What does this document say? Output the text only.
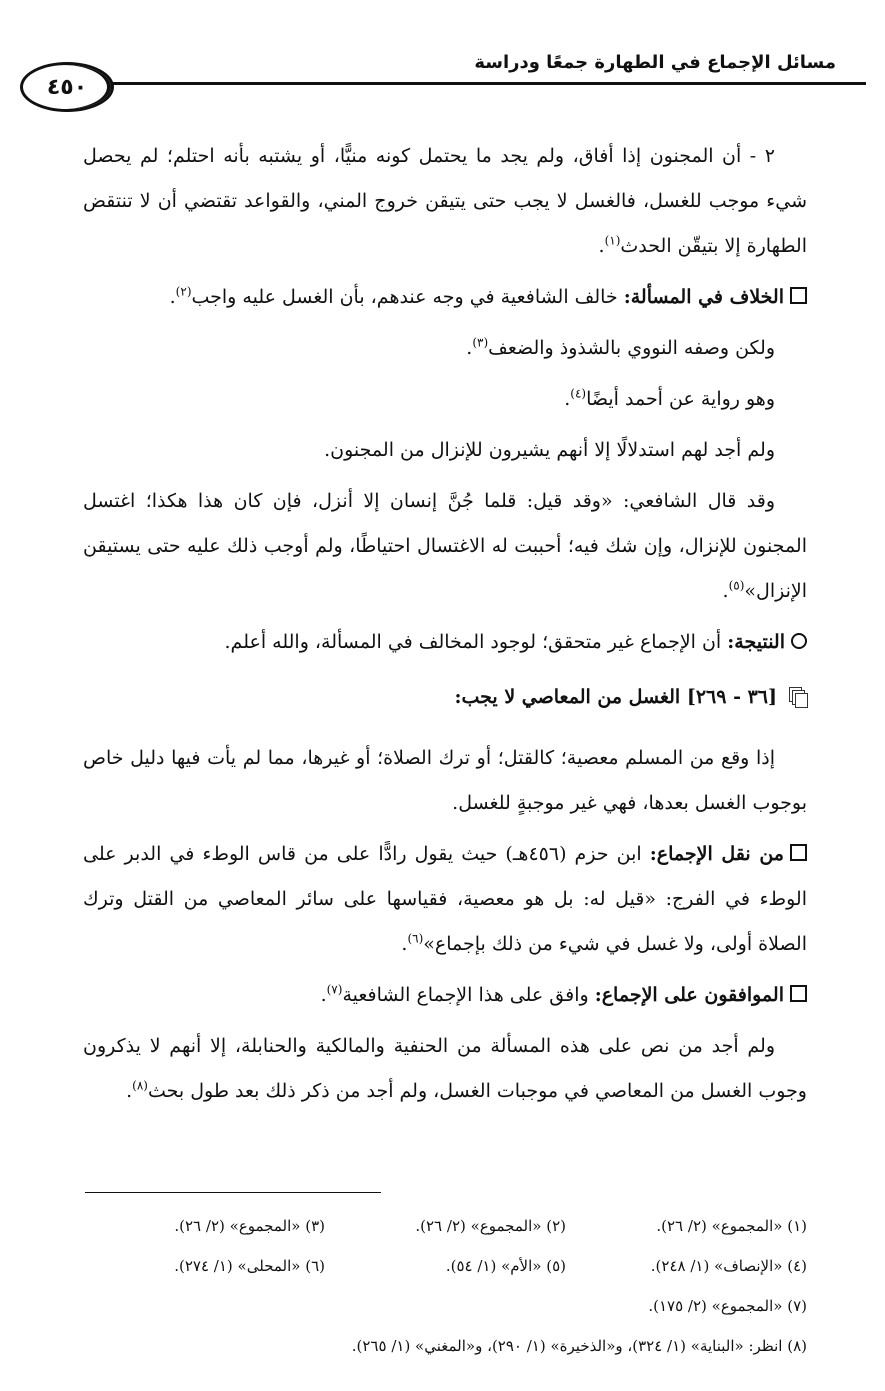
مسائل الإجماع في الطهارة جمعًا ودراسة
٤٥٠

٢ - أن المجنون إذا أفاق، ولم يجد ما يحتمل كونه منيًّا، أو يشتبه بأنه احتلم؛ لم يحصل شيء موجب للغسل، فالغسل لا يجب حتى يتيقن خروج المني، والقواعد تقتضي أن لا تنتقض الطهارة إلا بتيقّن الحدث$^{(١)}$.

الخلاف في المسألة: خالف الشافعية في وجه عندهم، بأن الغسل عليه واجب$^{(٢)}$.

ولكن وصفه النووي بالشذوذ والضعف$^{(٣)}$.

وهو رواية عن أحمد أيضًا$^{(٤)}$.

ولم أجد لهم استدلالًا إلا أنهم يشيرون للإنزال من المجنون.

وقد قال الشافعي: «وقد قيل: قلما جُنَّ إنسان إلا أنزل، فإن كان هذا هكذا؛ اغتسل المجنون للإنزال، وإن شك فيه؛ أحببت له الاغتسال احتياطًا، ولم أوجب ذلك عليه حتى يستيقن الإنزال»$^{(٥)}$.

النتيجة: أن الإجماع غير متحقق؛ لوجود المخالف في المسألة، والله أعلم.

[٣٦ - ٢٦٩] الغسل من المعاصي لا يجب:

إذا وقع من المسلم معصية؛ كالقتل؛ أو ترك الصلاة؛ أو غيرها، مما لم يأت فيها دليل خاص بوجوب الغسل بعدها، فهي غير موجبةٍ للغسل.

من نقل الإجماع: ابن حزم (٤٥٦هـ) حيث يقول رادًّا على من قاس الوطء في الدبر على الوطء في الفرج: «قيل له: بل هو معصية، فقياسها على سائر المعاصي من القتل وترك الصلاة أولى، ولا غسل في شيء من ذلك بإجماع»$^{(٦)}$.

الموافقون على الإجماع: وافق على هذا الإجماع الشافعية$^{(٧)}$.

ولم أجد من نص على هذه المسألة من الحنفية والمالكية والحنابلة، إلا أنهم لا يذكرون وجوب الغسل من المعاصي في موجبات الغسل، ولم أجد من ذكر ذلك بعد طول بحث$^{(٨)}$.

(١) «المجموع» (٢/ ٢٦).
(٢) «المجموع» (٢/ ٢٦).
(٣) «المجموع» (٢/ ٢٦).
(٤) «الإنصاف» (١/ ٢٤٨).
(٥) «الأم» (١/ ٥٤).
(٦) «المحلى» (١/ ٢٧٤).
(٧) «المجموع» (٢/ ١٧٥).
(٨) انظر: «البناية» (١/ ٣٢٤)، و«الذخيرة» (١/ ٢٩٠)، و«المغني» (١/ ٢٦٥).
